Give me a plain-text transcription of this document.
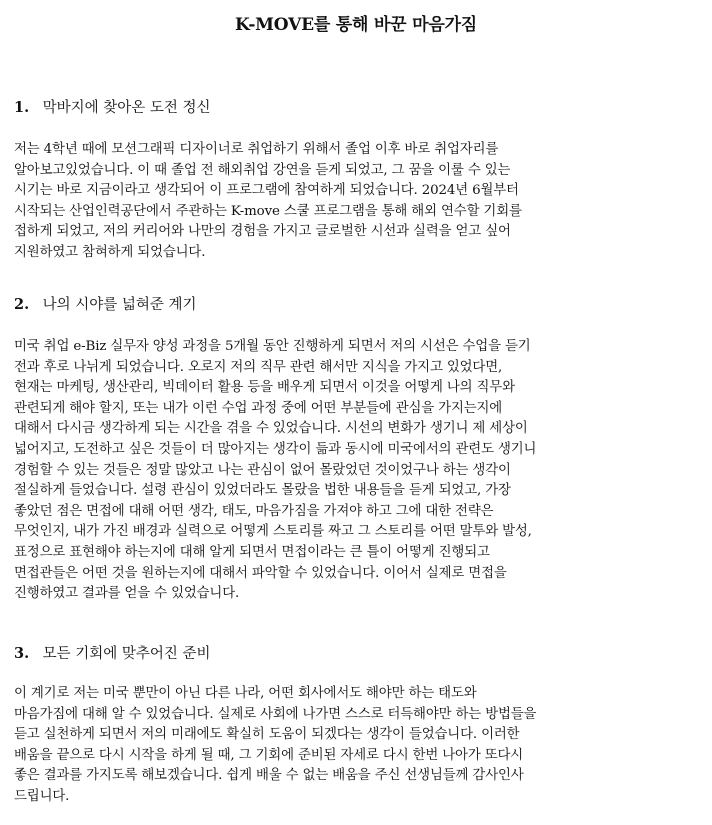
K-MOVE를 통해 바꾼 마음가짐
1. 막바지에 찾아온 도전 정신

저는 4학년 때에 모션그래픽 디자이너로 취업하기 위해서 졸업 이후 바로 취업자리를
알아보고있었습니다. 이 때 졸업 전 해외취업 강연을 듣게 되었고, 그 꿈을 이룰 수 있는
시기는 바로 지금이라고 생각되어 이 프로그램에 참여하게 되었습니다. 2024년 6월부터
시작되는 산업인력공단에서 주관하는 K-move 스쿨 프로그램을 통해 해외 연수할 기회를
접하게 되었고, 저의 커리어와 나만의 경험을 가지고 글로벌한 시선과 실력을 얻고 싶어
지원하였고 참혀하게 되었습니다.

2. 나의 시야를 넓혀준 계기

미국 취업 e-Biz 실무자 양성 과정을 5개월 동안 진행하게 되면서 저의 시선은 수업을 듣기
전과 후로 나뉘게 되었습니다. 오로지 저의 직무 관련 해서만 지식을 가지고 있었다면,
현재는 마케팅, 생산관리, 빅데이터 활용 등을 배우게 되면서 이것을 어떻게 나의 직무와
관련되게 해야 할지, 또는 내가 이런 수업 과정 중에 어떤 부분들에 관심을 가지는지에
대해서 다시금 생각하게 되는 시간을 겪을 수 있었습니다. 시선의 변화가 생기니 제 세상이
넓어지고, 도전하고 싶은 것들이 더 많아지는 생각이 듦과 동시에 미국에서의 관련도 생기니
경험할 수 있는 것들은 정말 많았고 나는 관심이 없어 몰랐었던 것이었구나 하는 생각이
절실하게 들었습니다. 설령 관심이 있었더라도 몰랐을 법한 내용들을 듣게 되었고, 가장
좋았던 점은 면접에 대해 어떤 생각, 태도, 마음가짐을 가져야 하고 그에 대한 전략은
무엇인지, 내가 가진 배경과 실력으로 어떻게 스토리를 짜고 그 스토리를 어떤 말투와 발성,
표정으로 표현해야 하는지에 대해 알게 되면서 면접이라는 큰 틀이 어떻게 진행되고
면접관들은 어떤 것을 원하는지에 대해서 파악할 수 있었습니다. 이어서 실제로 면접을
진행하였고 결과를 얻을 수 있었습니다.

3. 모든 기회에 맞추어진 준비

이 계기로 저는 미국 뿐만이 아닌 다른 나라, 어떤 회사에서도 해야만 하는 태도와
마음가짐에 대해 알 수 있었습니다. 실제로 사회에 나가면 스스로 터득해야만 하는 방법들을
듣고 실천하게 되면서 저의 미래에도 확실히 도움이 되겠다는 생각이 들었습니다. 이러한
배움을 끝으로 다시 시작을 하게 될 때, 그 기회에 준비된 자세로 다시 한번 나아가 또다시
좋은 결과를 가지도록 해보겠습니다. 쉽게 배울 수 없는 배움을 주신 선생님들께 감사인사
드립니다.
